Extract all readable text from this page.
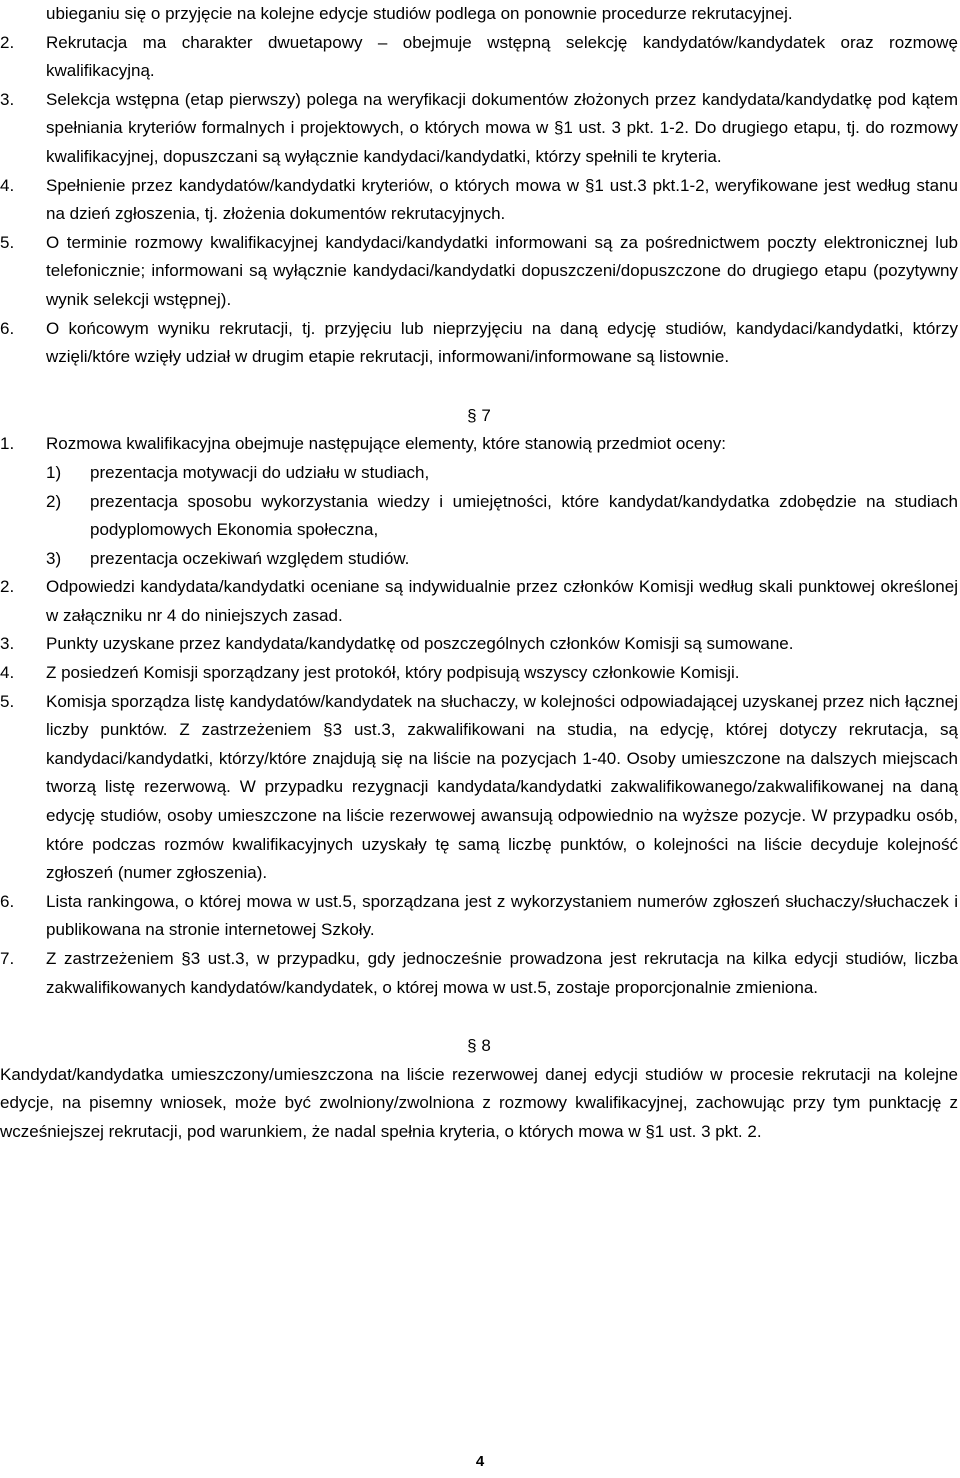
ubieganiu się o przyjęcie na kolejne edycje studiów podlega on ponownie procedurze rekrutacyjnej.
2. Rekrutacja ma charakter dwuetapowy – obejmuje wstępną selekcję kandydatów/kandydatek oraz rozmowę kwalifikacyjną.
3. Selekcja wstępna (etap pierwszy) polega na weryfikacji dokumentów złożonych przez kandydata/kandydatkę pod kątem spełniania kryteriów formalnych i projektowych, o których mowa w §1 ust. 3 pkt. 1-2. Do drugiego etapu, tj. do rozmowy kwalifikacyjnej, dopuszczani są wyłącznie kandydaci/kandydatki, którzy spełnili te kryteria.
4. Spełnienie przez kandydatów/kandydatki kryteriów, o których mowa w §1 ust.3 pkt.1-2, weryfikowane jest według stanu na dzień zgłoszenia, tj. złożenia dokumentów rekrutacyjnych.
5. O terminie rozmowy kwalifikacyjnej kandydaci/kandydatki informowani są za pośrednictwem poczty elektronicznej lub telefonicznie; informowani są wyłącznie kandydaci/kandydatki dopuszczeni/dopuszczone do drugiego etapu (pozytywny wynik selekcji wstępnej).
6. O końcowym wyniku rekrutacji, tj. przyjęciu lub nieprzyjęciu na daną edycję studiów, kandydaci/kandydatki, którzy wzięli/które wzięły udział w drugim etapie rekrutacji, informowani/informowane są listownie.
§ 7
1. Rozmowa kwalifikacyjna obejmuje następujące elementy, które stanowią przedmiot oceny:
1) prezentacja motywacji do udziału w studiach,
2) prezentacja sposobu wykorzystania wiedzy i umiejętności, które kandydat/kandydatka zdobędzie na studiach podyplomowych Ekonomia społeczna,
3) prezentacja oczekiwań względem studiów.
2. Odpowiedzi kandydata/kandydatki oceniane są indywidualnie przez członków Komisji według skali punktowej określonej w załączniku nr 4 do niniejszych zasad.
3. Punkty uzyskane przez kandydata/kandydatkę od poszczególnych członków Komisji są sumowane.
4. Z posiedzeń Komisji sporządzany jest protokół, który podpisują wszyscy członkowie Komisji.
5. Komisja sporządza listę kandydatów/kandydatek na słuchaczy, w kolejności odpowiadającej uzyskanej przez nich łącznej liczby punktów. Z zastrzeżeniem §3 ust.3, zakwalifikowani na studia, na edycję, której dotyczy rekrutacja, są kandydaci/kandydatki, którzy/które znajdują się na liście na pozycjach 1-40. Osoby umieszczone na dalszych miejscach tworzą listę rezerwową. W przypadku rezygnacji kandydata/kandydatki zakwalifikowanego/zakwalifikowanej na daną edycję studiów, osoby umieszczone na liście rezerwowej awansują odpowiednio na wyższe pozycje. W przypadku osób, które podczas rozmów kwalifikacyjnych uzyskały tę samą liczbę punktów, o kolejności na liście decyduje kolejność zgłoszeń (numer zgłoszenia).
6. Lista rankingowa, o której mowa w ust.5, sporządzana jest z wykorzystaniem numerów zgłoszeń słuchaczy/słuchaczek i publikowana na stronie internetowej Szkoły.
7. Z zastrzeżeniem §3 ust.3, w przypadku, gdy jednocześnie prowadzona jest rekrutacja na kilka edycji studiów, liczba zakwalifikowanych kandydatów/kandydatek, o której mowa w ust.5, zostaje proporcjonalnie zmieniona.
§ 8
Kandydat/kandydatka umieszczony/umieszczona na liście rezerwowej danej edycji studiów w procesie rekrutacji na kolejne edycje, na pisemny wniosek, może być zwolniony/zwolniona z rozmowy kwalifikacyjnej, zachowując przy tym punktację z wcześniejszej rekrutacji, pod warunkiem, że nadal spełnia kryteria, o których mowa w §1 ust. 3 pkt. 2.
4
